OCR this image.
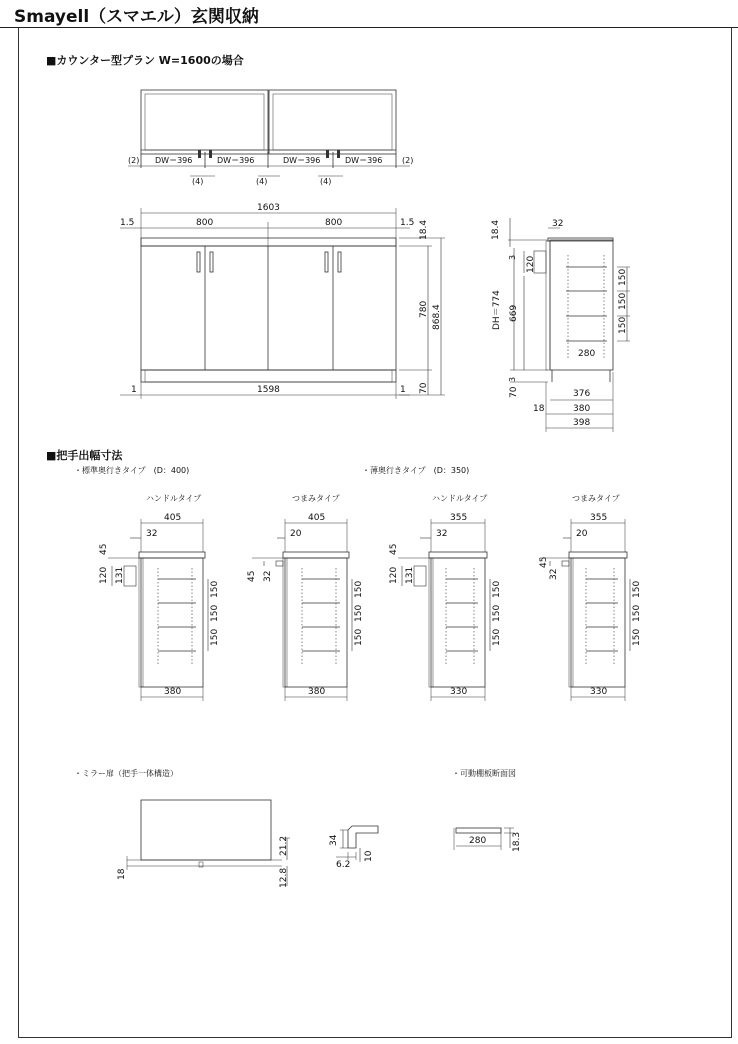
Smayell（スマエル）玄関収納
■カウンター型プラン W=1600の場合
■把手出幅寸法
・標準奥行きタイプ　(D：400)	・薄奥行きタイプ　(D：350)
・ミラー扉（把手一体構造）	・可動棚板断面図
ハンドルタイプ	つまみタイプ	ハンドルタイプ	つまみタイプ
(2)	(2)
DW＝396	DW＝396	DW＝396	DW＝396
(4)	(4)	(4)
1603
1.5	1.5
800	800
1598
1	1
18.4
780 868.4
70
32
18.4
3 120
DH＝774 669
150
150
150
280
3
70	376
18	380
398
405
32
45
120 131
150
150
150
380
405
20
45 32
150
150
150
380
355
32
45
120 131
150
150
150
330
355
20
45
32
150
150
150
330
18
21.2
12.8
34
6.2
10
280	18.3
